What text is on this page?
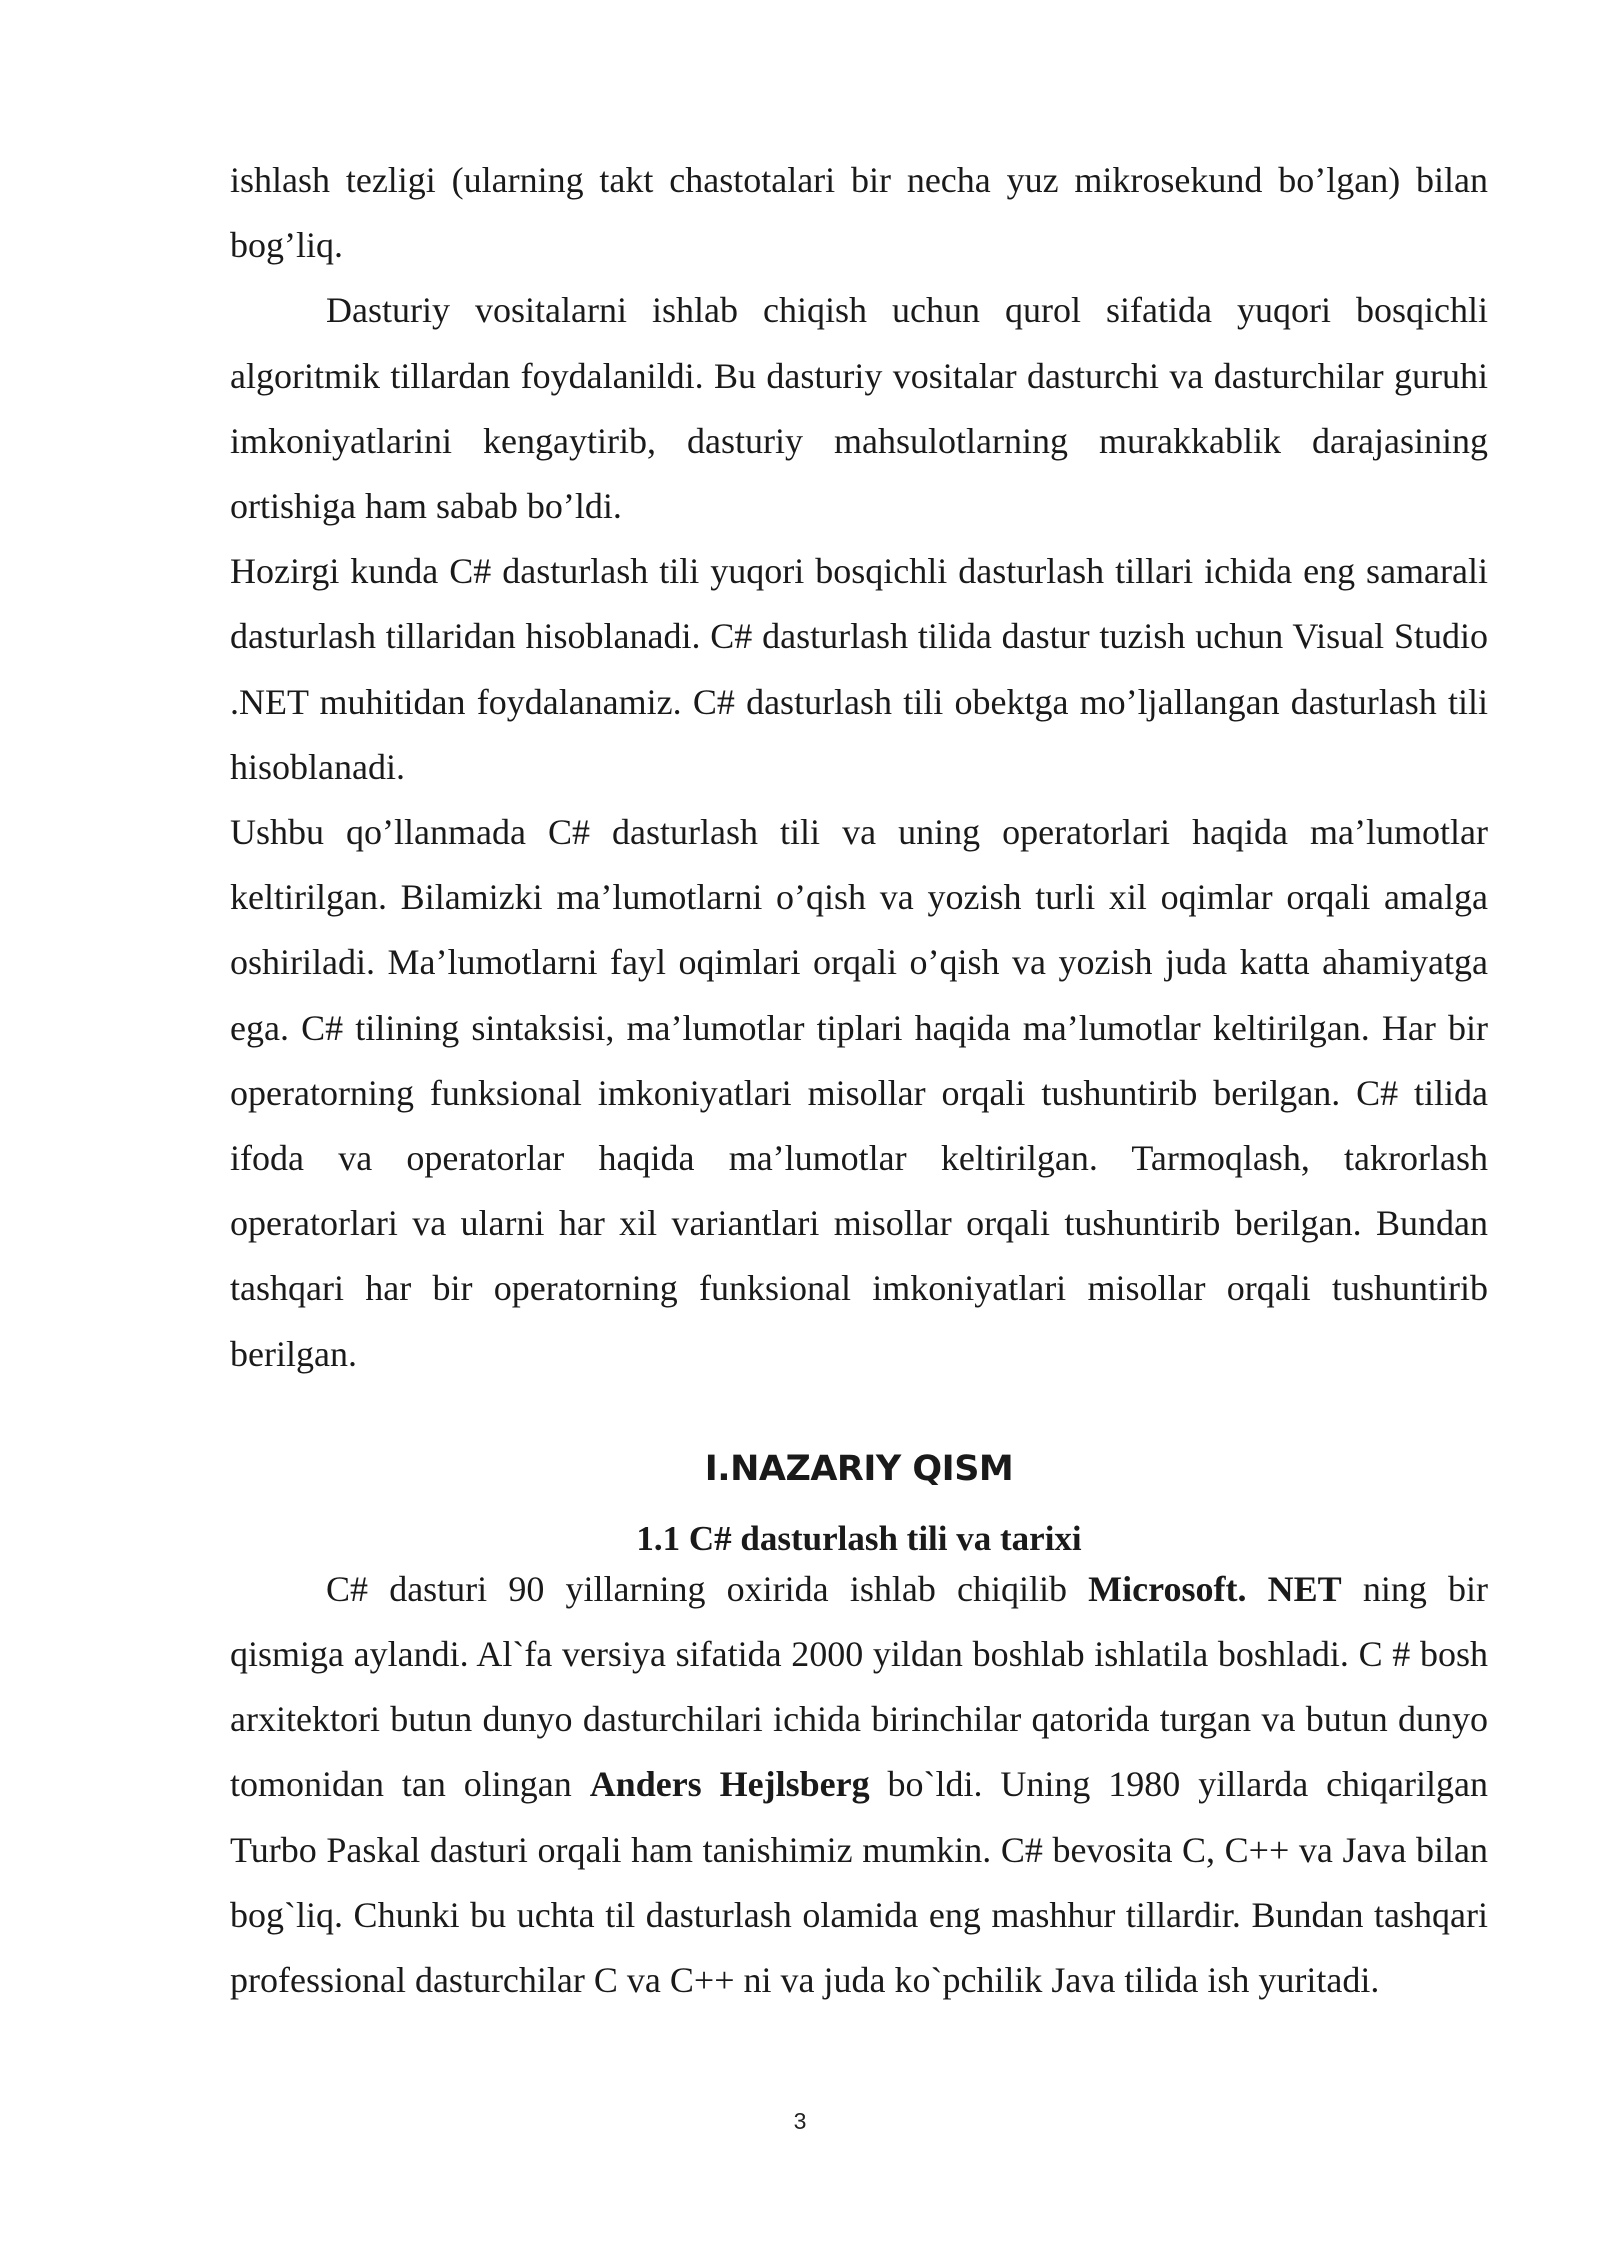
ishlash tezligi (ularning takt chastotalari bir necha yuz mikrosekund bo’lgan) bilan bog’liq.

Dasturiy vositalarni ishlab chiqish uchun qurol sifatida yuqori bosqichli algoritmik tillardan foydalanildi. Bu dasturiy vositalar dasturchi va dasturchilar guruhi imkoniyatlarini kengaytirib, dasturiy mahsulotlarning murakkablik darajasining ortishiga ham sabab bo’ldi.

Hozirgi kunda C# dasturlash tili yuqori bosqichli dasturlash tillari ichida eng samarali dasturlash tillaridan hisoblanadi. C# dasturlash tilida dastur tuzish uchun Visual Studio .NET muhitidan foydalanamiz. C# dasturlash tili obektga mo’ljallangan dasturlash tili hisoblanadi.

Ushbu qo’llanmada C# dasturlash tili va uning operatorlari haqida ma’lumotlar keltirilgan. Bilamizki ma’lumotlarni o’qish va yozish turli xil oqimlar orqali amalga oshiriladi. Ma’lumotlarni fayl oqimlari orqali o’qish va yozish juda katta ahamiyatga ega. C# tilining sintaksisi, ma’lumotlar tiplari haqida ma’lumotlar keltirilgan. Har bir operatorning funksional imkoniyatlari misollar orqali tushuntirib berilgan. C# tilida ifoda va operatorlar haqida ma’lumotlar keltirilgan. Tarmoqlash, takrorlash operatorlari va ularni har xil variantlari misollar orqali tushuntirib berilgan. Bundan tashqari har bir operatorning funksional imkoniyatlari misollar orqali tushuntirib berilgan.

I.NAZARIY QISM
1.1 C# dasturlash tili va tarixi

C# dasturi 90 yillarning oxirida ishlab chiqilib Microsoft. NET ning bir qismiga aylandi. Al`fa versiya sifatida 2000 yildan boshlab ishlatila boshladi. C # bosh arxitektori butun dunyo dasturchilari ichida birinchilar qatorida turgan va butun dunyo tomonidan tan olingan Anders Hejlsberg bo`ldi. Uning 1980 yillarda chiqarilgan Turbo Paskal dasturi orqali ham tanishimiz mumkin. C# bevosita C, C++ va Java bilan bog`liq. Chunki bu uchta til dasturlash olamida eng mashhur tillardir. Bundan tashqari professional dasturchilar C va C++ ni va juda ko`pchilik Java tilida ish yuritadi.

3
